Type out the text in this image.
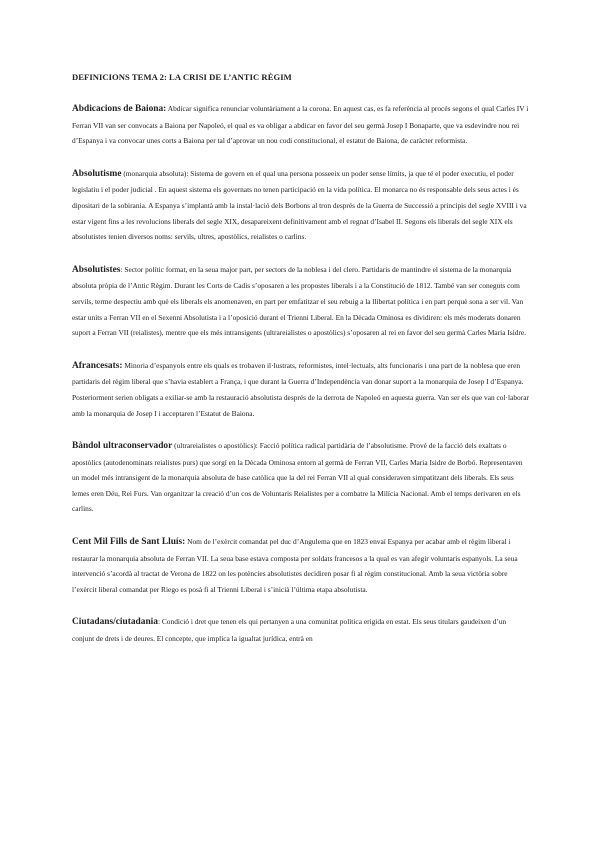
DEFINICIONS TEMA 2: LA CRISI DE L’ANTIC RÈGIM

Abdicacions de Baiona: Abdicar significa renunciar voluntàriament a la corona. En aquest cas, es fa referència al procés segons el qual Carles IV i Ferran VII van ser convocats a Baiona per Napoleó, el qual es va obligar a abdicar en favor del seu germà Josep I Bonaparte, que va esdevindre nou rei d’Espanya i va convocar unes corts a Baiona per tal d’aprovar un nou codi constitucional, el estatut de Baiona, de caràcter reformista.

Absolutisme (monarquia absoluta): Sistema de govern en el qual una persona posseeix un poder sense límits, ja que té el poder executiu, el poder legislatiu i el poder judicial . En aquest sistema els governats no tenen participació en la vida política. El monarca no és responsable dels seus actes i és dipositari de la sobirania. A Espanya s’implantà amb la instal·lació dels Borbons al tron després de la Guerra de Successió a principis del segle XVIII i va estar vigent fins a les revolucions liberals del segle XIX, desapareixent definitivament amb el regnat d’Isabel II. Segons els liberals del segle XIX els absolutistes tenien diversos noms: servils, ultres, apostòlics, reialistes o carlins.

Absolutistes: Sector polític format, en la seua major part, per sectors de la noblesa i del clero. Partidaris de mantindre el sistema de la monarquia absoluta pròpia de l’Antic Règim. Durant les Corts de Cadis s’oposaren a les propostes liberals i a la Constitució de 1812. També van ser coneguts com servils, terme despectiu amb què els liberals els anomenaven, en part per emfatitzar el seu rebuig a la llibertat política i en part perquè sona a ser vil. Van estar units a Ferran VII en el Sexenni Absolutista i a l’oposició durant el Trienni Liberal. En la Dècada Ominosa es dividiren: els més moderats donaren suport a Ferran VII (reialistes), mentre que els més intransigents (ultrareialistes o apostòlics) s’oposaren al rei en favor del seu germà Carles Maria Isidre.

Afrancesats: Minoria d’espanyols entre els quals es trobaven il·lustrats, reformistes, intel·lectuals, alts funcionaris i una part de la noblesa que eren partidaris del règim liberal que s’havia establert a França, i que durant la Guerra d’Independència van donar suport a la monarquia de Josep I d’Espanya. Posteriorment serien obligats a exiliar-se amb la restauració absolutista després de la derrota de Napoleó en aquesta guerra. Van ser els que van col·laborar amb la monarquia de Josep I i acceptaren l’Estatut de Baiona.

Bàndol ultraconservador (ultrareialistes o apostòlics): Facció política radical partidària de l’absolutisme. Prové de la facció dels exaltats o apostòlics (autodenominats reialistes purs) que sorgí en la Dècada Ominosa entorn al germà de Ferran VII, Carles Maria Isidre de Borbó. Representaven un model més intransigent de la monarquia absoluta de base catòlica que la del rei Ferran VII al qual consideraven simpatitzant dels liberals. Els seus lemes eren Déu, Rei Furs. Van organitzar la creació d’un cos de Voluntaris Reialistes per a combatre la Milícia Nacional. Amb el temps derivaren en els carlins.

Cent Mil Fills de Sant Lluís: Nom de l’exèrcit comandat pel duc d’Angulema que en 1823 envaí Espanya per acabar amb el règim liberal i restaurar la monarquia absoluta de Ferran VII. La seua base estava composta per soldats francesos a la qual es van afegir voluntaris espanyols. La seua intervenció s’acordà al tractat de Verona de 1822 on les potències absolutistes decidiren posar fi al règim constitucional. Amb la seua victòria sobre l’exèrcit liberal comandat per Riego es posà fi al Trienni Liberal i s’inicià l’última etapa absolutista.

Ciutadans/ciutadania: Condició i dret que tenen els qui pertanyen a una comunitat política erigida en estat. Els seus titulars gaudeixen d’un conjunt de drets i de deures. El concepte, que implica la igualtat jurídica, entrà en
